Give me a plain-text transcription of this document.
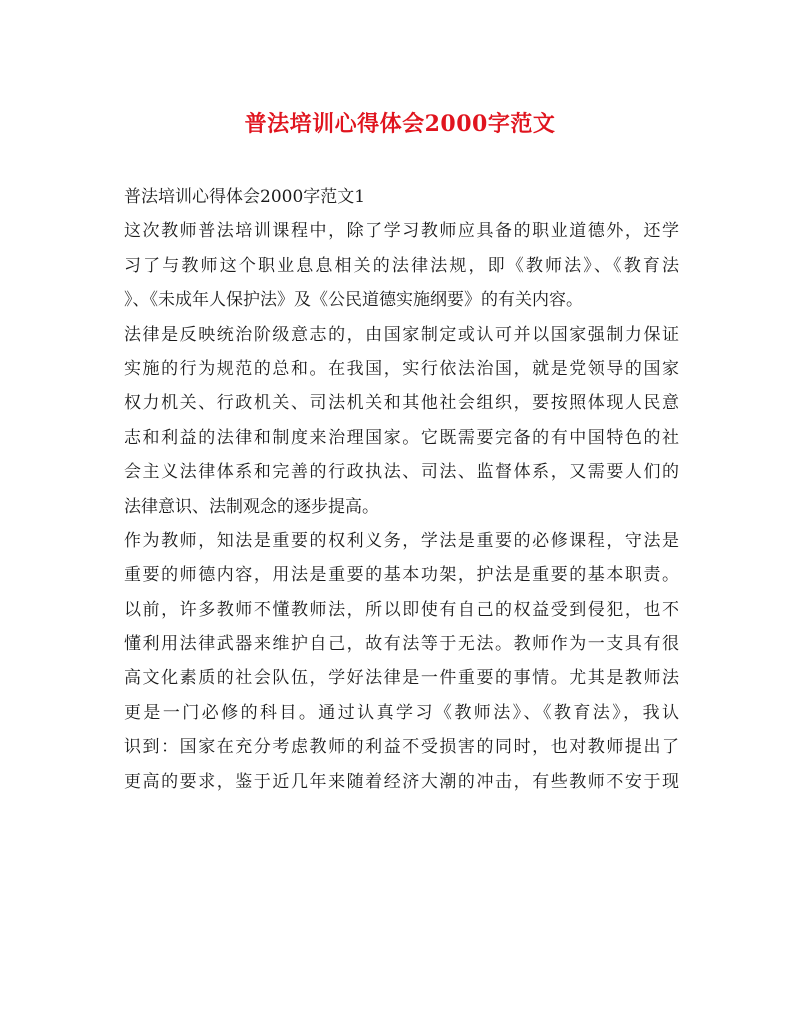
普法培训心得体会2000字范文
普法培训心得体会2000字范文1
这次教师普法培训课程中，除了学习教师应具备的职业道德外，还学
习了与教师这个职业息息相关的法律法规，即《教师法》、《教育法
》、《未成年人保护法》及《公民道德实施纲要》的有关内容。
法律是反映统治阶级意志的，由国家制定或认可并以国家强制力保证
实施的行为规范的总和。在我国，实行依法治国，就是党领导的国家
权力机关、行政机关、司法机关和其他社会组织，要按照体现人民意
志和利益的法律和制度来治理国家。它既需要完备的有中国特色的社
会主义法律体系和完善的行政执法、司法、监督体系，又需要人们的
法律意识、法制观念的逐步提高。
作为教师，知法是重要的权利义务，学法是重要的必修课程，守法是
重要的师德内容，用法是重要的基本功架，护法是重要的基本职责。
以前，许多教师不懂教师法，所以即使有自己的权益受到侵犯，也不
懂利用法律武器来维护自己，故有法等于无法。教师作为一支具有很
高文化素质的社会队伍，学好法律是一件重要的事情。尤其是教师法
更是一门必修的科目。通过认真学习《教师法》、《教育法》，我认
识到：国家在充分考虑教师的利益不受损害的同时，也对教师提出了
更高的要求，鉴于近几年来随着经济大潮的冲击，有些教师不安于现
